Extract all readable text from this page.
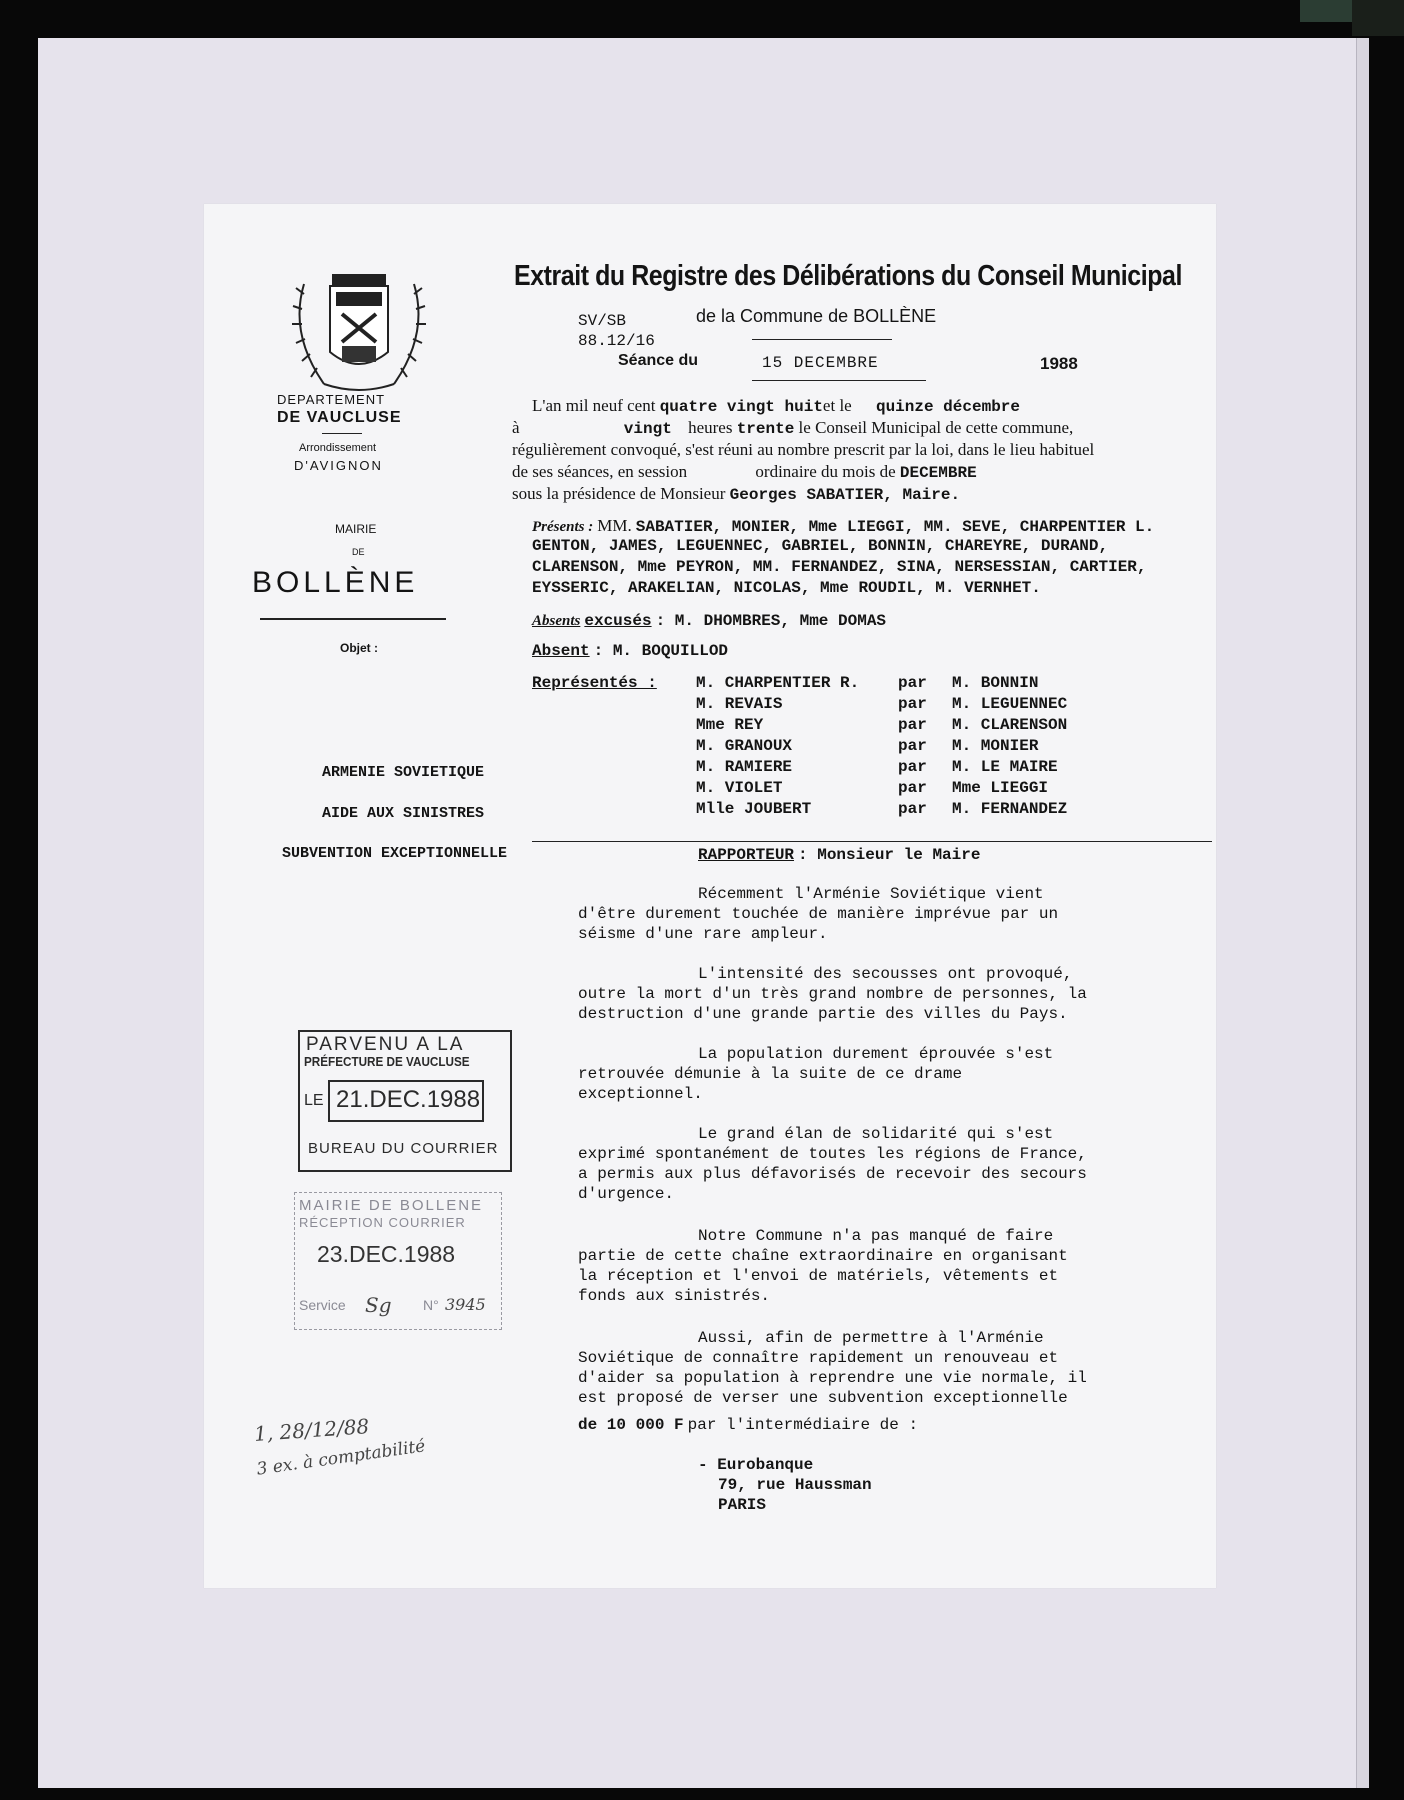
DEPARTEMENT
DE VAUCLUSE
Arrondissement
D'AVIGNON
MAIRIE
DE
BOLLÈNE
Objet :
ARMENIE SOVIETIQUE
AIDE AUX SINISTRES
SUBVENTION EXCEPTIONNELLE
Extrait du Registre des Délibérations du Conseil Municipal
SV/SB
88.12/16
de la Commune de BOLLÈNE
Séance du	15 DECEMBRE	1988
L'an mil neuf cent quatre vingt huitet le quinze décembre
à	vingt heures trente le Conseil Municipal de cette commune,
régulièrement convoqué, s'est réuni au nombre prescrit par la loi, dans le lieu habituel
de ses séances, en session	ordinaire du mois de DECEMBRE
sous la présidence de Monsieur Georges SABATIER, Maire.
Présents : MM. SABATIER, MONIER, Mme LIEGGI, MM. SEVE, CHARPENTIER L.
GENTON, JAMES, LEGUENNEC, GABRIEL, BONNIN, CHAREYRE, DURAND,
CLARENSON, Mme PEYRON, MM. FERNANDEZ, SINA, NERSESSIAN, CARTIER,
EYSSERIC, ARAKELIAN, NICOLAS, Mme ROUDIL, M. VERNHET.
Absents excusés : M. DHOMBRES, Mme DOMAS
Absent : M. BOQUILLOD
Représentés :
RAPPORTEUR : Monsieur le Maire
de 10 000 F par l'intermédiaire de :
- Eurobanque
79, rue Haussman
PARIS
M. CHARPENTIER R. par M. BONNIN
M. REVAIS	par M. LEGUENNEC
Mme REY	par M. CLARENSON
M. GRANOUX	par M. MONIER
M. RAMIERE	par M. LE MAIRE
M. VIOLET	par Mme LIEGGI
Mlle JOUBERT	par M. FERNANDEZ
Récemment l'Arménie Soviétique vient
d'être durement touchée de manière imprévue par un
séisme d'une rare ampleur.
L'intensité des secousses ont provoqué,
outre la mort d'un très grand nombre de personnes, la
destruction d'une grande partie des villes du Pays.
La population durement éprouvée s'est
retrouvée démunie à la suite de ce drame
exceptionnel.
Le grand élan de solidarité qui s'est
exprimé spontanément de toutes les régions de France,
a permis aux plus défavorisés de recevoir des secours
d'urgence.
Notre Commune n'a pas manqué de faire
partie de cette chaîne extraordinaire en organisant
la réception et l'envoi de matériels, vêtements et
fonds aux sinistrés.
Aussi, afin de permettre à l'Arménie
Soviétique de connaître rapidement un renouveau et
d'aider sa population à reprendre une vie normale, il
est proposé de verser une subvention exceptionnelle
PARVENU A LA
PRÉFECTURE DE VAUCLUSE
LE 21.DEC.1988
BUREAU DU COURRIER
MAIRIE DE BOLLENE
RÉCEPTION COURRIER
23.DEC.1988
Service Sg N° 3945
1, 28/12/88
3 ex. à comptabilité
